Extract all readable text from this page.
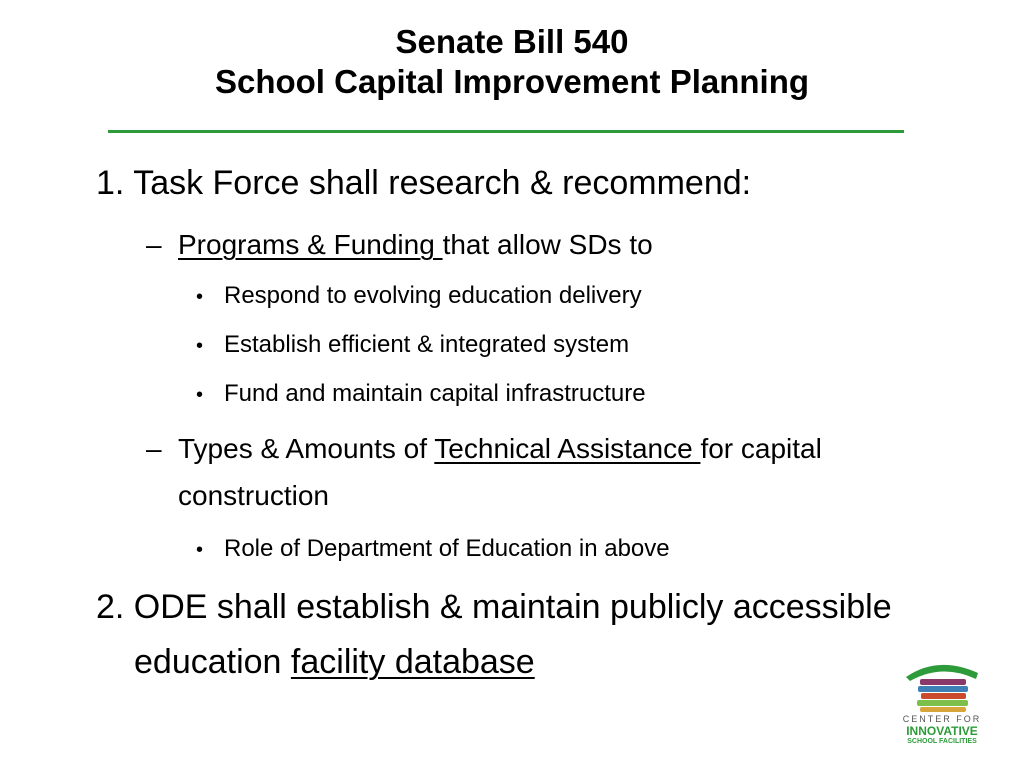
Senate Bill 540
School Capital Improvement Planning
1. Task Force shall research & recommend:
– Programs & Funding that allow SDs to
• Respond to evolving education delivery
• Establish efficient & integrated system
• Fund and maintain capital infrastructure
– Types & Amounts of Technical Assistance for capital construction
• Role of Department of Education in above
2. ODE shall establish & maintain publicly accessible education facility database
CENTER FOR
INNOVATIVE
SCHOOL FACILITIES
